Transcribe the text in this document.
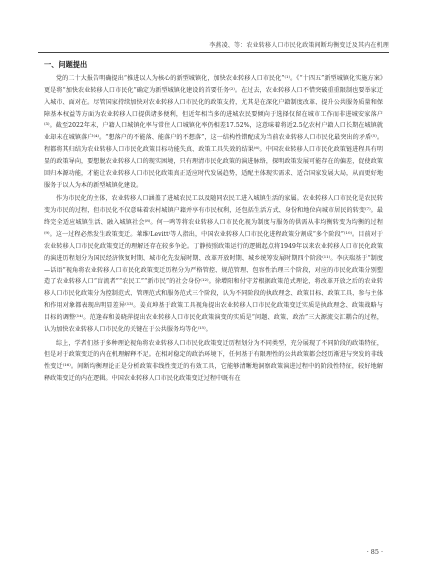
李燕凌、等：农业转移人口市民化政策间断均衡变迁及其内在机理
一、问题提出

党的二十大报告明确提出“推进以人为核心的新型城镇化，加快农业转移人口市民化”⁽¹⁾。《“十四五”新型城镇化实施方案》更是将“加快农业转移人口市民化”确定为新型城镇化建设的首要任务⁽²⁾。在过去，农业转移人口不惜突破重重限制也要举家迁入城市、面对在。尽管国家持续加快对农业转移人口市民化的政策支持，尤其是在深化户籍制度改革、提升公共服务质量和保障基本权益等方面为农业转移人口提供诸多便利，但近年相当多的进城农民要倾向于选择仅留在城市工作而非进城安家落户⁽³⁾。截至2022年末，户籍人口城镇化率与常住人口城镇化率仍相差17.52%，这意味着将近2.5亿农村户籍人口长期在城镇就业却未在城镇落户⁽⁴⁾。“想落户的不能落、能落户的不想落”，这一结构性错配成为当前农业转移人口市民化最突出的矛盾⁽⁵⁾。程都将其归结为农业转移人口市民化政策目标功能失真、政策工具失效的结果⁽⁶⁾。中国农业转移人口市民化政策链进程具有明显的政策导向，要想脱农业转移人口的现实困境，只有理清市民化政策的演进脉络，探明政策发展可能存在的偏差，促使政策回归本源功能，才能让农业转移人口市民化政策真正适应时代发展趋势，适配主体现实需求、适合国家发展大局，从而更好地服务于以人为本的新型城镇化建设。

作为市民化的主体，农业转移人口涵盖了进城农民工以及随同农民工进入城镇生活的家属。农业转移人口市民化是农民转变为市民的过程，但市民化不仅意味着农村城镇户籍并享有市民权利，还包括生活方式、身份和地位向城市居民的转变⁽⁷⁾。最终完全适应城镇生活、融入城镇社会⁽⁸⁾。何一鸣等将农业转移人口市民化视为制度与服务的供需从非均衡转变为均衡的过程⁽⁹⁾。这一过程必然发生政策变迁。莱维⁽Levitt⁾等人指出，中国农业转移人口市民化进程政策分割成“多个阶段”⁽¹⁰⁾。目前对于农业转移人口市民化政策变迁的理解还存在较多争论。丁静按照政策运行的逻辑起点将1949年以来农业转移人口市民化政策的演进历程划分为国民经济恢复时期、城市化先发展时期、改革开放时期、城乡统筹发展时期四个阶段⁽¹¹⁾。李庆瑞基于“制度—话语”视角将农业转移人口市民化政策变迁历程分为严格管控、规范管理、包容性治理三个阶段，对应的市民化政策分别塑造了农业转移人口“盲流者”“农民工”“新市民”的社会身份⁽¹²⁾。徐增阳和付守芳根据政策范式理论，将改革开放之后的农业转移人口市民化政策分为控制范式、管理范式和服务范式三个阶段，认为不同阶段的执政理念、政策目标、政策工具、参与主体和作用对象都表现出明显差异⁽¹³⁾。姜贞坤基于政策工具视角提出农业转移人口市民化政策变迁实质是执政理念、政策战略与目标的调整⁽¹⁴⁾。范逢春和姜晓萍提出农业转移人口市民化政策演变的实质是“问题、政策、政治”三大源流交汇耦合的过程，认为加快农业转移人口市民化的关键在于公共服务均等化⁽¹⁵⁾。

综上，学者们基于多种理论视角将农业转移人口市民化政策变迁历程划分为不同类型，充分展现了不同阶段的政策特征，但是对于政策变迁的内在机理解释不足。在相对稳定的政治环境下，任何基于有限理性的公共政策都会经历渐进与突发的非线性变迁⁽¹⁶⁾。间断均衡理论正是分析政策非线性变迁的有效工具，它能够清晰地洞察政策演进过程中的阶段性特征，较好地解释政策变迁的内在逻辑。中国农业转移人口市民化政策变迁过程中既有在

· 85 ·
